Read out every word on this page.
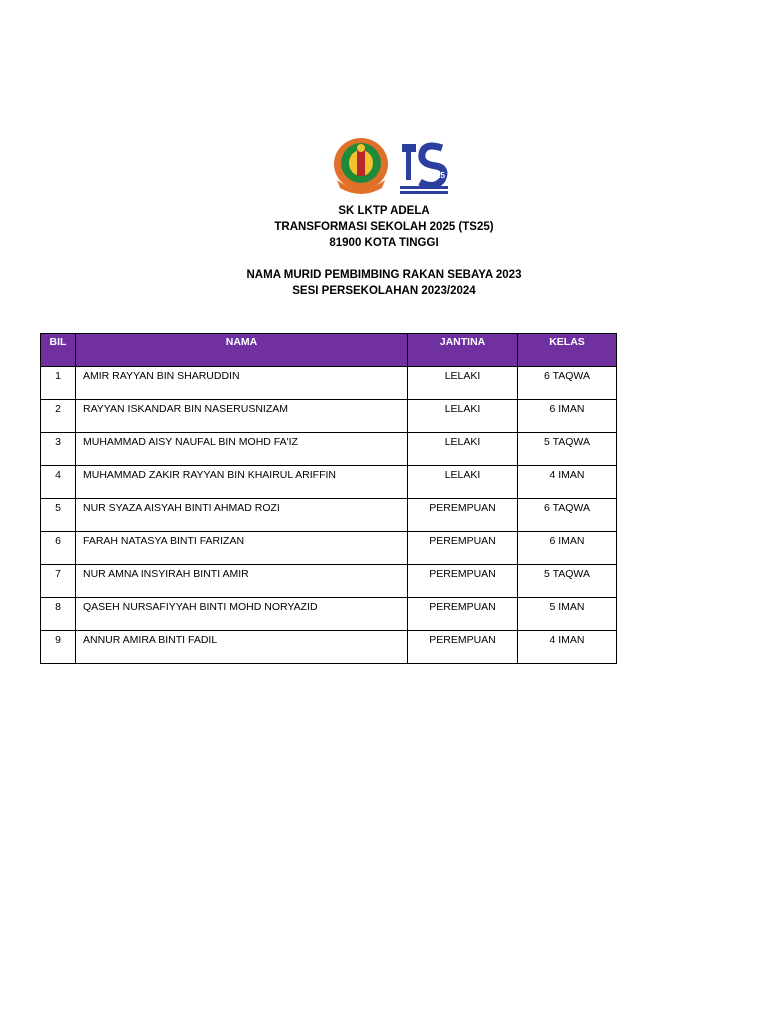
25
SK LKTP ADELA
TRANSFORMASI SEKOLAH 2025 (TS25)
81900 KOTA TINGGI
NAMA MURID PEMBIMBING RAKAN SEBAYA 2023
SESI PERSEKOLAHAN 2023/2024
BIL	NAMA	JANTINA	KELAS
1	AMIR RAYYAN BIN SHARUDDIN	LELAKI	6 TAQWA
2	RAYYAN ISKANDAR BIN NASERUSNIZAM	LELAKI	6 IMAN
3	MUHAMMAD AISY NAUFAL BIN MOHD FA'IZ	LELAKI	5 TAQWA
4	MUHAMMAD ZAKIR RAYYAN BIN KHAIRUL ARIFFIN	LELAKI	4 IMAN
5	NUR SYAZA AISYAH BINTI AHMAD ROZI	PEREMPUAN	6 TAQWA
6	FARAH NATASYA BINTI FARIZAN	PEREMPUAN	6 IMAN
7	NUR AMNA INSYIRAH BINTI AMIR	PEREMPUAN	5 TAQWA
8	QASEH NURSAFIYYAH BINTI MOHD NORYAZID	PEREMPUAN	5 IMAN
9	ANNUR AMIRA BINTI FADIL	PEREMPUAN	4 IMAN
